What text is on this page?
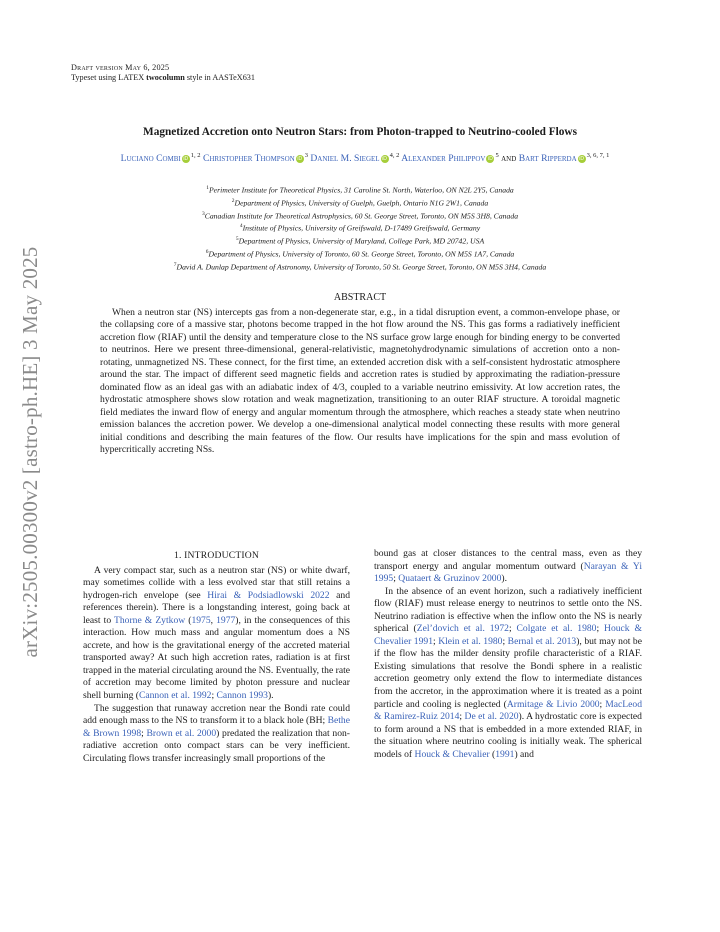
Draft version May 6, 2025
Typeset using LATEX twocolumn style in AASTeX631
arXiv:2505.00300v2 [astro-ph.HE] 3 May 2025
Magnetized Accretion onto Neutron Stars: from Photon-trapped to Neutrino-cooled Flows
Luciano Combi iD$^{1, 2}$ Christopher Thompson $iD^3$ Daniel M. Siegel iD$^{4, 2}$ Alexander Philippov $iD^5$ and Bart Ripperda iD$^{3, 6, 7, 1}$
$^1$Perimeter Institute for Theoretical Physics, 31 Caroline St. North, Waterloo, ON N2L 2Y5, Canada
$^2$Department of Physics, University of Guelph, Guelph, Ontario N1G 2W1, Canada
$^3$Canadian Institute for Theoretical Astrophysics, 60 St. George Street, Toronto, ON M5S 3H8, Canada
$^4$Institute of Physics, University of Greifswald, D-17489 Greifswald, Germany
$^5$Department of Physics, University of Maryland, College Park, MD 20742, USA
$^6$Department of Physics, University of Toronto, 60 St. George Street, Toronto, ON M5S 1A7, Canada
$^7$David A. Dunlap Department of Astronomy, University of Toronto, 50 St. George Street, Toronto, ON M5S 3H4, Canada
ABSTRACT
When a neutron star (NS) intercepts gas from a non-degenerate star, e.g., in a tidal disruption event, a common-envelope phase, or the collapsing core of a massive star, photons become trapped in the hot flow around the NS. This gas forms a radiatively inefficient accretion flow (RIAF) until the density and temperature close to the NS surface grow large enough for binding energy to be converted to neutrinos. Here we present three-dimensional, general-relativistic, magnetohydrodynamic simulations of accretion onto a non-rotating, unmagnetized NS. These connect, for the first time, an extended accretion disk with a self-consistent hydrostatic atmosphere around the star. The impact of different seed magnetic fields and accretion rates is studied by approximating the radiation-pressure dominated flow as an ideal gas with an adiabatic index of 4/3, coupled to a variable neutrino emissivity. At low accretion rates, the hydrostatic atmosphere shows slow rotation and weak magnetization, transitioning to an outer RIAF structure. A toroidal magnetic field mediates the inward flow of energy and angular momentum through the atmosphere, which reaches a steady state when neutrino emission balances the accretion power. We develop a one-dimensional analytical model connecting these results with more general initial conditions and describing the main features of the flow. Our results have implications for the spin and mass evolution of hypercritically accreting NSs.
1. INTRODUCTION

A very compact star, such as a neutron star (NS) or white dwarf, may sometimes collide with a less evolved star that still retains a hydrogen-rich envelope (see Hirai & Podsiadlowski 2022 and references therein). There is a longstanding interest, going back at least to Thorne & Zytkow (1975, 1977), in the consequences of this interaction. How much mass and angular momentum does a NS accrete, and how is the gravitational energy of the accreted material transported away? At such high accretion rates, radiation is at first trapped in the material circulating around the NS. Eventually, the rate of accretion may become limited by photon pressure and nuclear shell burning (Cannon et al. 1992; Cannon 1993).

The suggestion that runaway accretion near the Bondi rate could add enough mass to the NS to transform it to a black hole (BH; Bethe & Brown 1998; Brown et al. 2000) predated the realization that non-radiative accretion onto compact stars can be very inefficient. Circulating flows transfer increasingly small proportions of the

bound gas at closer distances to the central mass, even as they transport energy and angular momentum outward (Narayan & Yi 1995; Quataert & Gruzinov 2000).

In the absence of an event horizon, such a radiatively inefficient flow (RIAF) must release energy to neutrinos to settle onto the NS. Neutrino radiation is effective when the inflow onto the NS is nearly spherical (Zel’dovich et al. 1972; Colgate et al. 1980; Houck & Chevalier 1991; Klein et al. 1980; Bernal et al. 2013), but may not be if the flow has the milder density profile characteristic of a RIAF. Existing simulations that resolve the Bondi sphere in a realistic accretion geometry only extend the flow to intermediate distances from the accretor, in the approximation where it is treated as a point particle and cooling is neglected (Armitage & Livio 2000; MacLeod & Ramirez-Ruiz 2014; De et al. 2020). A hydrostatic core is expected to form around a NS that is embedded in a more extended RIAF, in the situation where neutrino cooling is initially weak. The spherical models of Houck & Chevalier (1991) and
